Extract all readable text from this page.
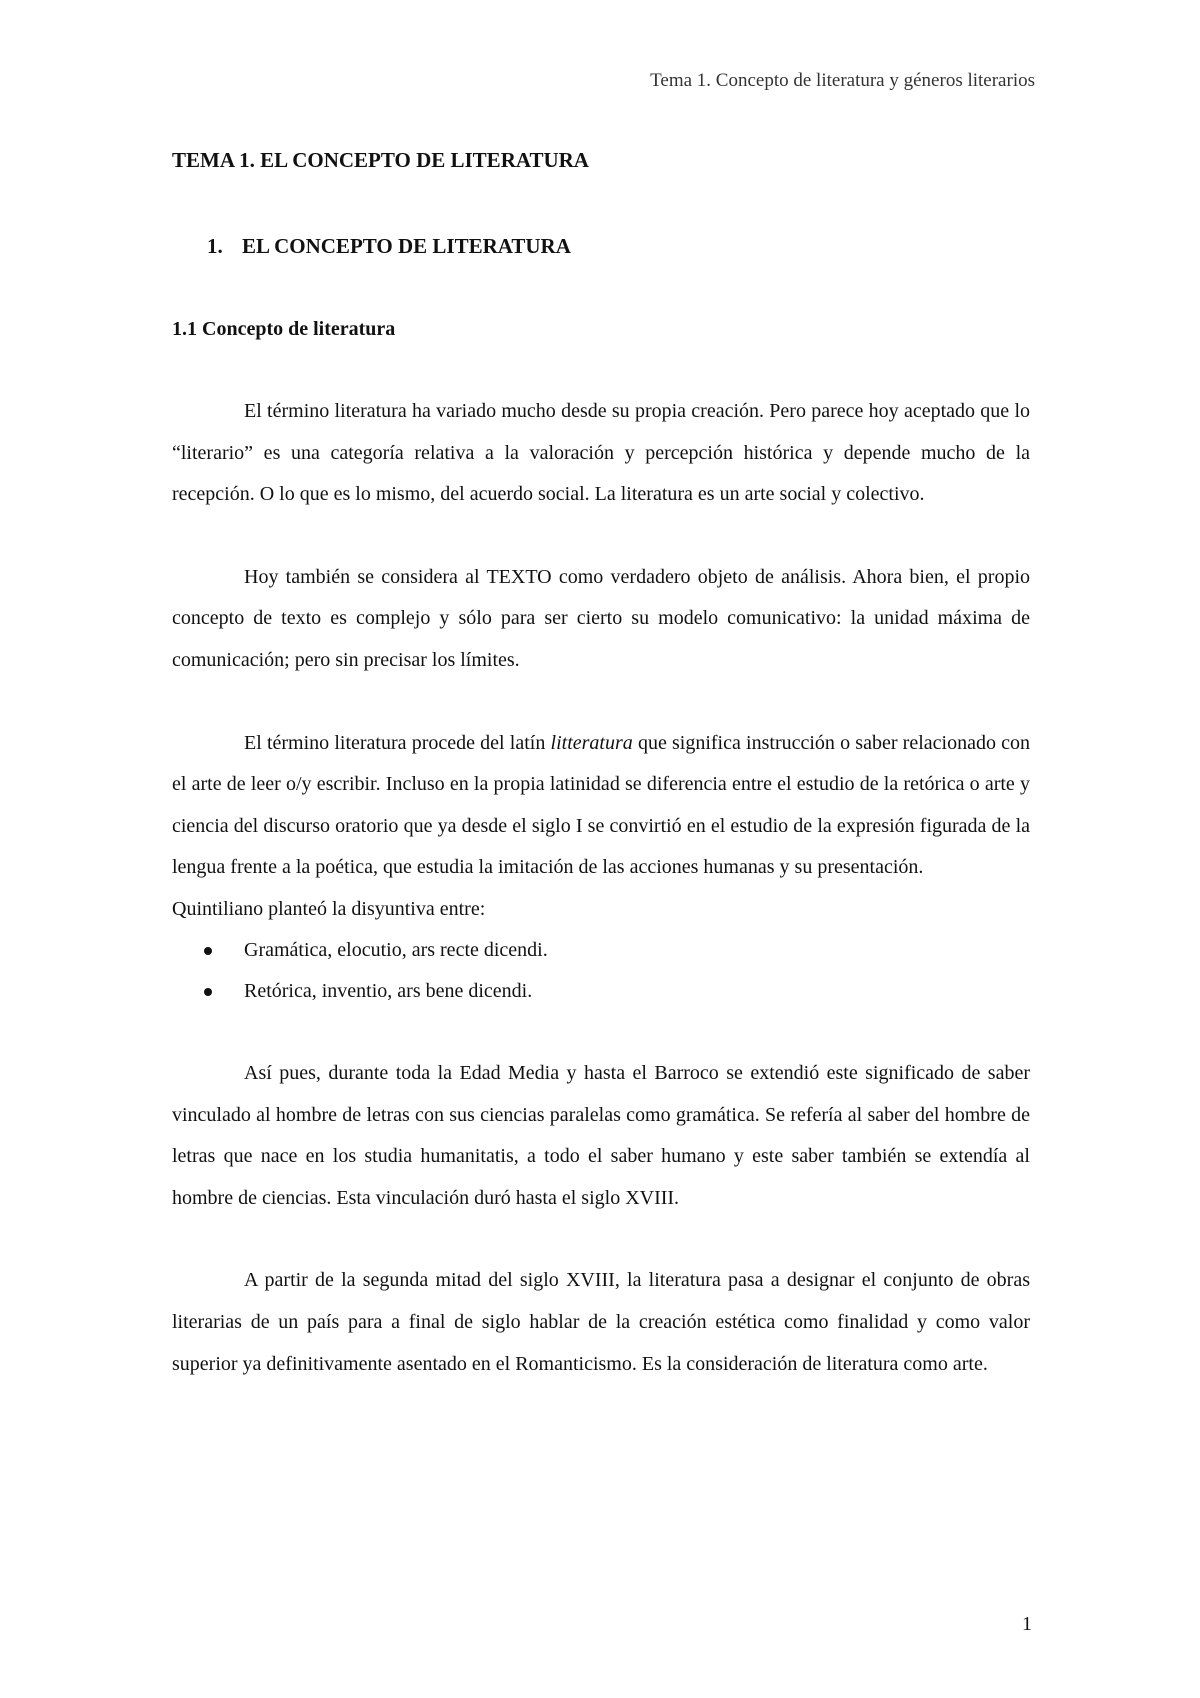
Tema 1. Concepto de literatura y géneros literarios
TEMA 1. EL CONCEPTO DE LITERATURA
1. EL CONCEPTO DE LITERATURA
1.1 Concepto de literatura

El término literatura ha variado mucho desde su propia creación. Pero parece hoy aceptado que lo “literario” es una categoría relativa a la valoración y percepción histórica y depende mucho de la recepción. O lo que es lo mismo, del acuerdo social. La literatura es un arte social y colectivo.

Hoy también se considera al TEXTO como verdadero objeto de análisis. Ahora bien, el propio concepto de texto es complejo y sólo para ser cierto su modelo comunicativo: la unidad máxima de comunicación; pero sin precisar los límites.

El término literatura procede del latín litteratura que significa instrucción o saber relacionado con el arte de leer o/y escribir. Incluso en la propia latinidad se diferencia entre el estudio de la retórica o arte y ciencia del discurso oratorio que ya desde el siglo I se convirtió en el estudio de la expresión figurada de la lengua frente a la poética, que estudia la imitación de las acciones humanas y su presentación.

Quintiliano planteó la disyuntiva entre:

Gramática, elocutio, ars recte dicendi.
Retórica, inventio, ars bene dicendi.

Así pues, durante toda la Edad Media y hasta el Barroco se extendió este significado de saber vinculado al hombre de letras con sus ciencias paralelas como gramática. Se refería al saber del hombre de letras que nace en los studia humanitatis, a todo el saber humano y este saber también se extendía al hombre de ciencias. Esta vinculación duró hasta el siglo XVIII.

A partir de la segunda mitad del siglo XVIII, la literatura pasa a designar el conjunto de obras literarias de un país para a final de siglo hablar de la creación estética como finalidad y como valor superior ya definitivamente asentado en el Romanticismo. Es la consideración de literatura como arte.

1
